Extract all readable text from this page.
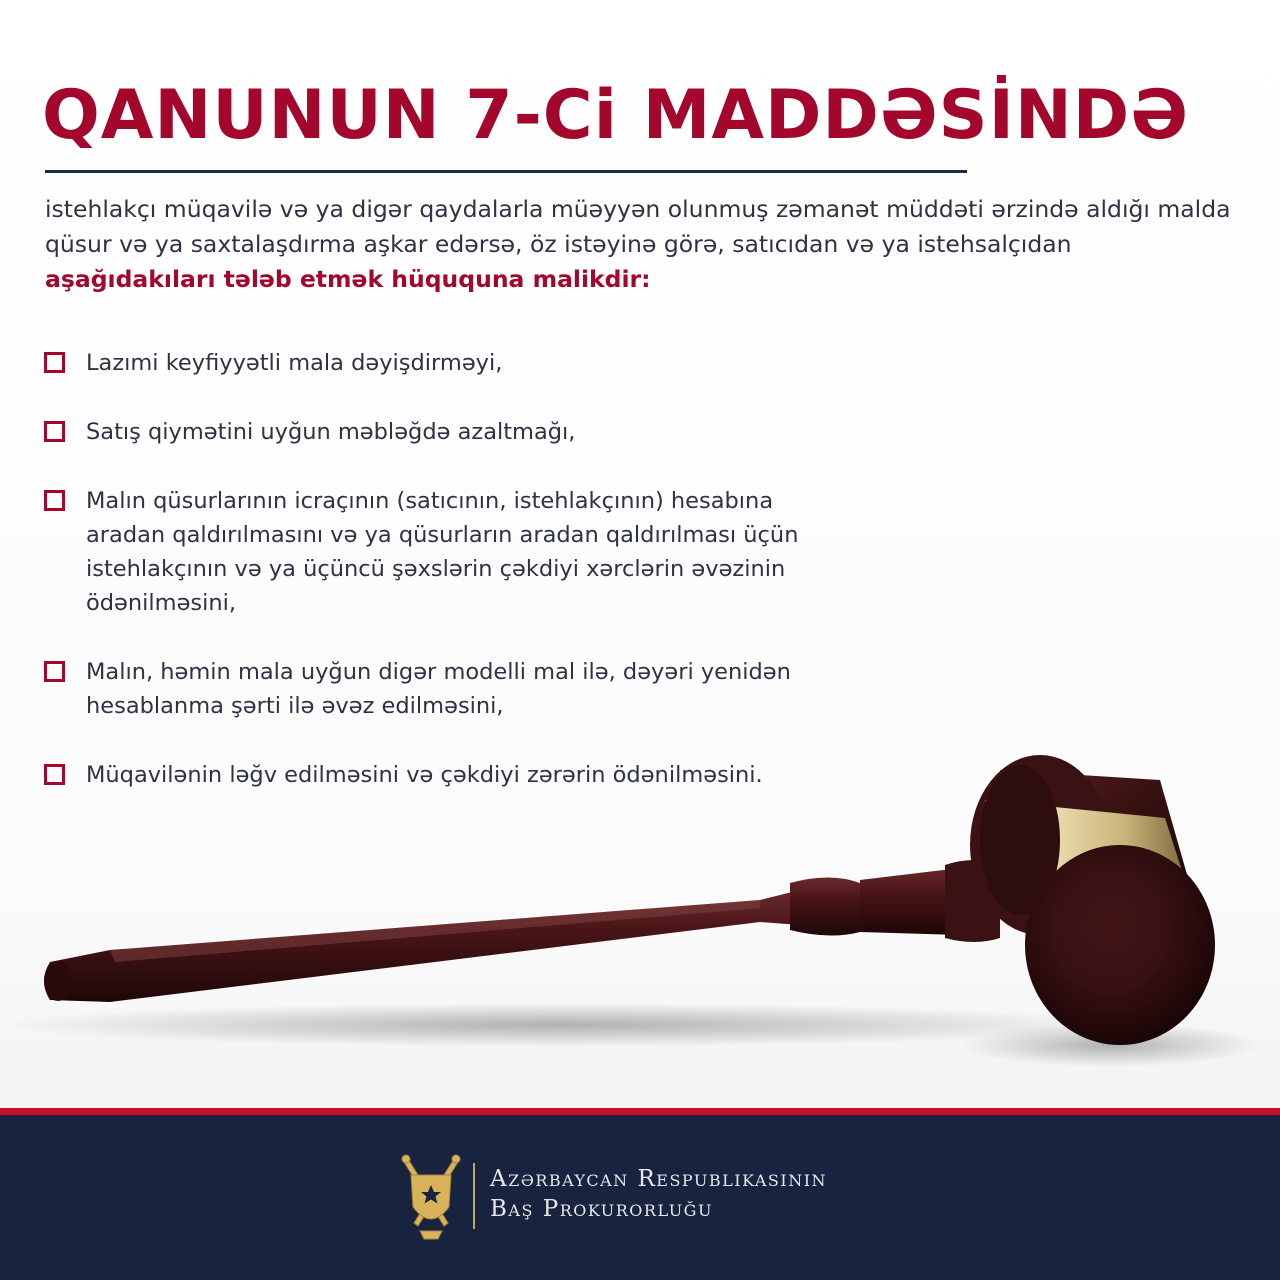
QANUNUN 7-Ci MADDƏSİNDƏ

istehlakçı müqavilə və ya digər qaydalarla müəyyən olunmuş zəmanət müddəti ərzində aldığı malda qüsur və ya saxtalaşdırma aşkar edərsə, öz istəyinə görə, satıcıdan və ya istehsalçıdan aşağıdakıları tələb etmək hüququna malikdir:

Lazımi keyfiyyətli mala dəyişdirməyi,
Satış qiymətini uyğun məbləğdə azaltmağı,
Malın qüsurlarının icraçının (satıcının, istehlakçının) hesabına aradan qaldırılmasını və ya qüsurların aradan qaldırılması üçün istehlakçının və ya üçüncü şəxslərin çəkdiyi xərclərin əvəzinin ödənilməsini,
Malın, həmin mala uyğun digər modelli mal ilə, dəyəri yenidən hesablanma şərti ilə əvəz edilməsini,
Müqavilənin ləğv edilməsini və çəkdiyi zərərin ödənilməsini.
Azərbaycan Respublikasının
Baş Prokurorluğu
